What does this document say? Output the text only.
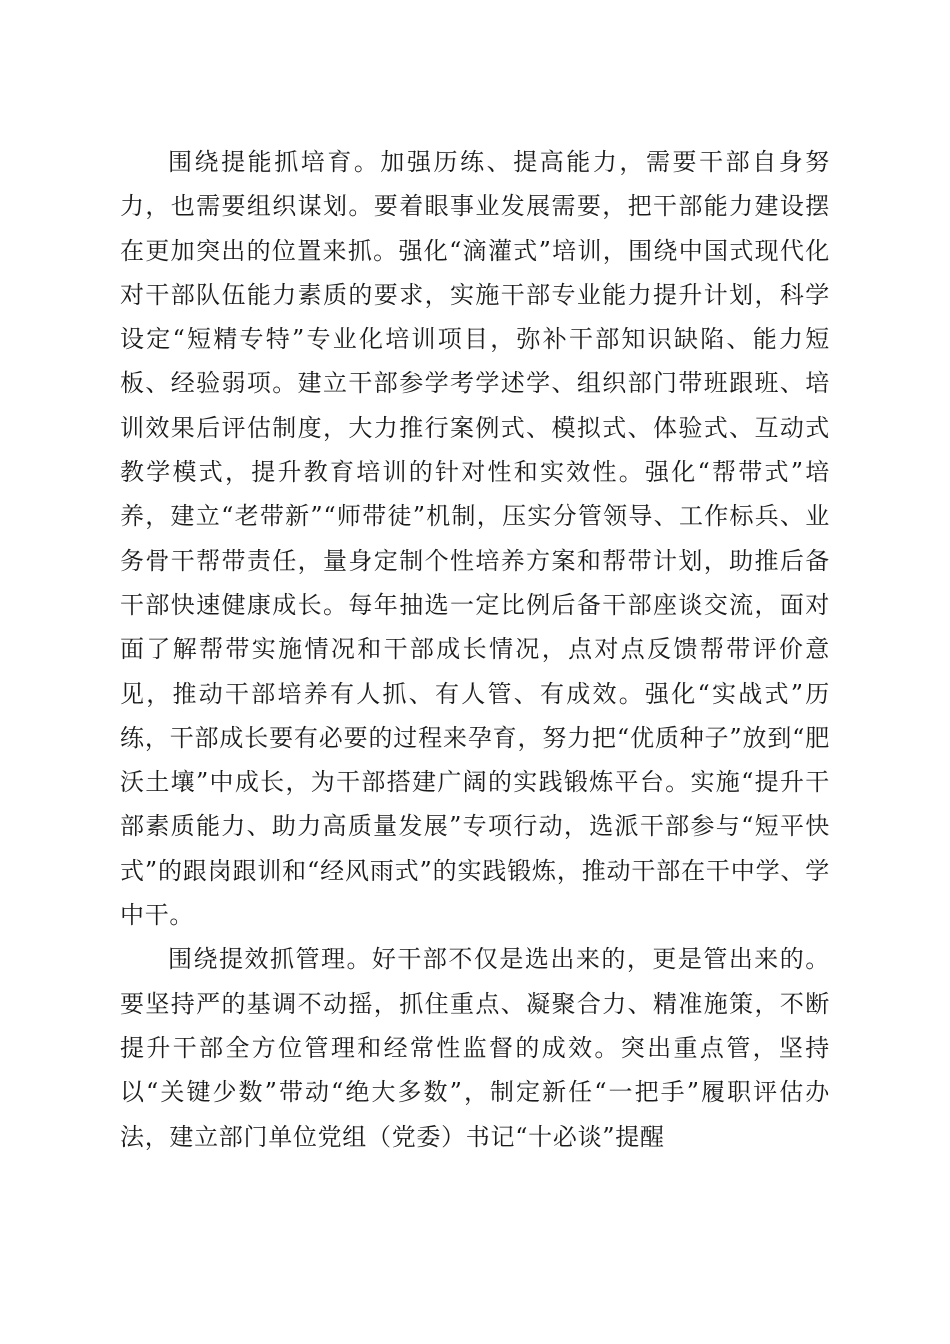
围绕提能抓培育。加强历练、提高能力，需要干部自身努力，也需要组织谋划。要着眼事业发展需要，把干部能力建设摆在更加突出的位置来抓。强化“滴灌式”培训，围绕中国式现代化对干部队伍能力素质的要求，实施干部专业能力提升计划，科学设定“短精专特”专业化培训项目，弥补干部知识缺陷、能力短板、经验弱项。建立干部参学考学述学、组织部门带班跟班、培训效果后评估制度，大力推行案例式、模拟式、体验式、互动式教学模式，提升教育培训的针对性和实效性。强化“帮带式”培养，建立“老带新”“师带徒”机制，压实分管领导、工作标兵、业务骨干帮带责任，量身定制个性培养方案和帮带计划，助推后备干部快速健康成长。每年抽选一定比例后备干部座谈交流，面对面了解帮带实施情况和干部成长情况，点对点反馈帮带评价意见，推动干部培养有人抓、有人管、有成效。强化“实战式”历练，干部成长要有必要的过程来孕育，努力把“优质种子”放到“肥沃土壤”中成长，为干部搭建广阔的实践锻炼平台。实施“提升干部素质能力、助力高质量发展”专项行动，选派干部参与“短平快式”的跟岗跟训和“经风雨式”的实践锻炼，推动干部在干中学、学中干。

围绕提效抓管理。好干部不仅是选出来的，更是管出来的。要坚持严的基调不动摇，抓住重点、凝聚合力、精准施策，不断提升干部全方位管理和经常性监督的成效。突出重点管，坚持以“关键少数”带动“绝大多数”，制定新任“一把手”履职评估办法，建立部门单位党组（党委）书记“十必谈”提醒
